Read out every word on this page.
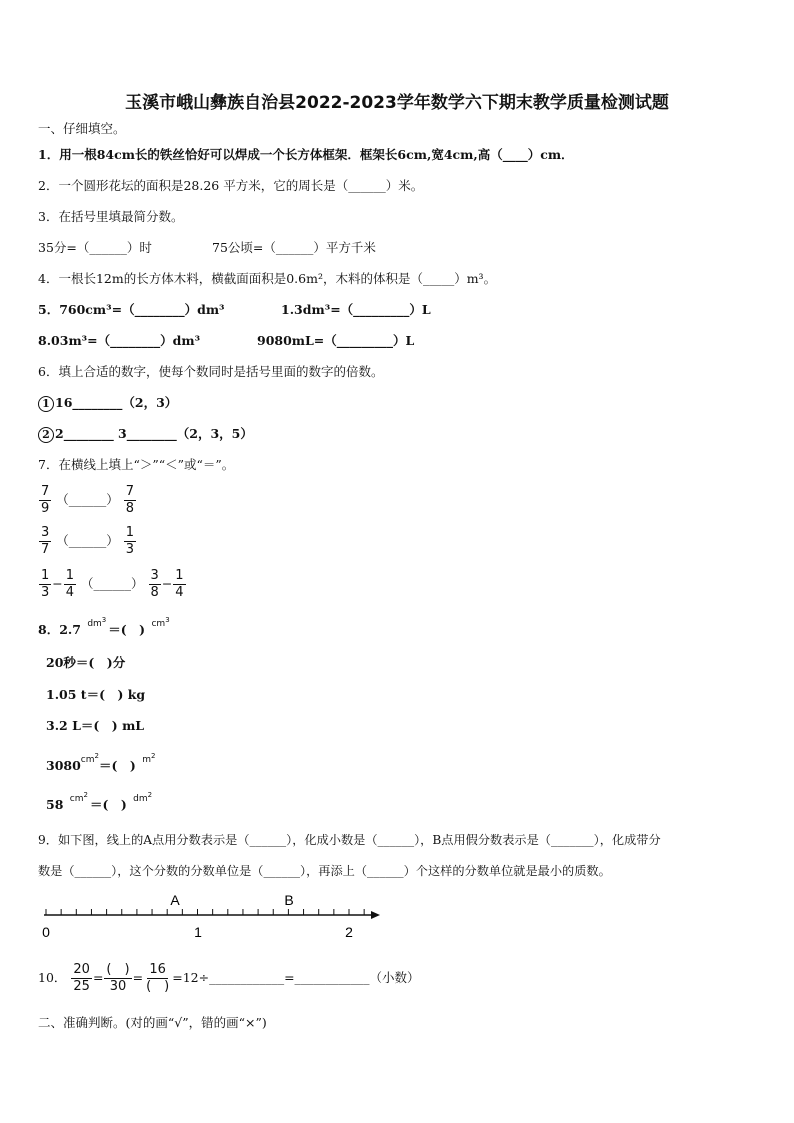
玉溪市峨山彝族自治县2022-2023学年数学六下期末教学质量检测试题
一、仔细填空。
1．用一根84cm长的铁丝恰好可以焊成一个长方体框架．框架长6cm,宽4cm,高（____）cm．
2．一个圆形花坛的面积是28.26 平方米，它的周长是（______）米。
3．在括号里填最简分数。
35分=（______）时	75公顷=（______）平方千米
4．一根长12m的长方体木料，横截面面积是0.6m²，木料的体积是（_____）m³。
5．760cm³=（________）dm³	1.3dm³=（_________）L
8.03m³=（________）dm³	9080mL=（_________）L
6．填上合适的数字，使每个数同时是括号里面的数字的倍数。
1 16________（2，3）
2 2________ 3________（2，3，5）
7．在横线上填上“＞”“＜”或“＝”。
$\frac{7}{9}$ （______） $\frac{7}{8}$
$\frac{3}{7}$ （______） $\frac{1}{3}$
$\frac{1}{3} - \frac{1}{4}$ （______） $\frac{3}{8} - \frac{1}{4}$
8．2.7 $^{dm^3}$＝(　) $^{cm^3}$
20秒＝(　)分
1.05 t＝(　) kg
3.2 L＝(　) mL
$3080^{cm^2}=$(　) $^{m^2}$
58 $^{cm^2}$＝(　) $^{dm^2}$
9．如下图，线上的A点用分数表示是（______），化成小数是（______），B点用假分数表示是（_______），化成带分
数是（______），这个分数的分数单位是（______），再添上（______）个这样的分数单位就是最小的质数。
A	B
0	1	2
10． $\frac{20}{25} = \frac{( )}{30} = \frac{16}{( )}$ =12÷____________=____________（小数）
二、准确判断。(对的画“√”，错的画“×”)
